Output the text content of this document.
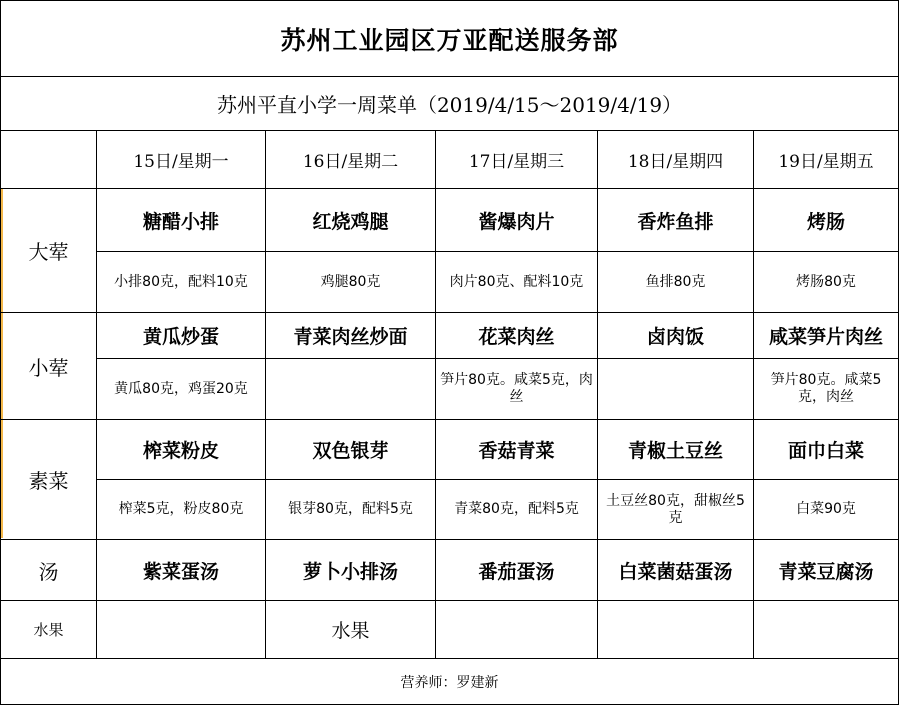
苏州工业园区万亚配送服务部					
苏州平直小学一周菜单（2019/4/15～2019/4/19）					
	15日/星期一	16日/星期二	17日/星期三	18日/星期四	19日/星期五
大荤	糖醋小排	红烧鸡腿	酱爆肉片	香炸鱼排	烤肠
	小排80克，配料10克	鸡腿80克	肉片80克、配料10克	鱼排80克	烤肠80克
小荤	黄瓜炒蛋	青菜肉丝炒面	花菜肉丝	卤肉饭	咸菜笋片肉丝
	黄瓜80克，鸡蛋20克		笋片80克。咸菜5克，肉丝		笋片80克。咸菜5克，肉丝
素菜	榨菜粉皮	双色银芽	香菇青菜	青椒土豆丝	面巾白菜
	榨菜5克，粉皮80克	银芽80克，配料5克	青菜80克，配料5克	土豆丝80克，甜椒丝5克	白菜90克
汤	紫菜蛋汤	萝卜小排汤	番茄蛋汤	白菜菌菇蛋汤	青菜豆腐汤
水果		水果			
营养师：罗建新					
